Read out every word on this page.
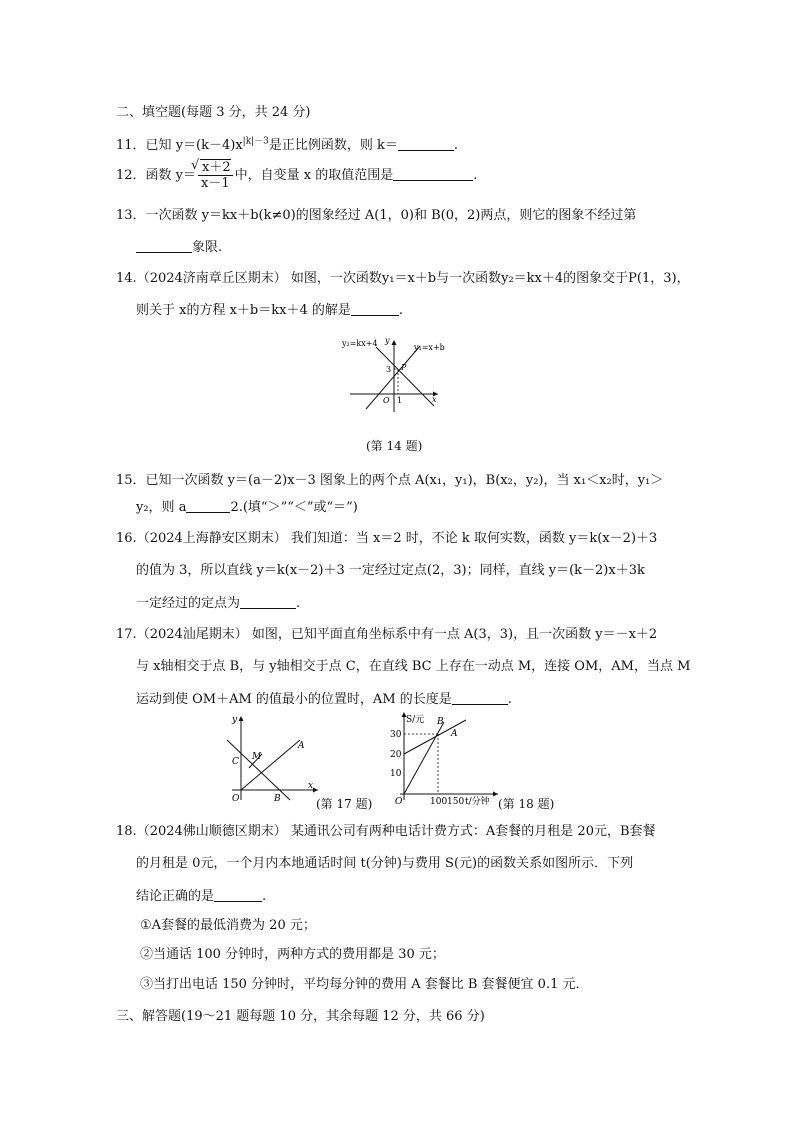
二、填空题(每题 3 分，共 24 分)
11．已知 $y=(k-4)x^{|k|-3}$是正比例函数，则 k＝	.
12．函数 y＝
√ $\frac{x+2}{x-1}$ 中，自变量 x 的取值范围是	.
13．一次函数 y＝kx＋b(k≠0)的图象经过 A(1，0)和 B(0，2)两点，则它的图象不经过第
象限.
14.（2024济南章丘区期末） 如图，一次函数y₁＝x＋b与一次函数y₂＝kx＋4的图象交于P(1，3)，
则关于 x的方程 x＋b＝kx＋4 的解是	.
y₂=kx+4 y
y₁=x+b
3 P
O 1	x
(第 14 题)
15．已知一次函数 y＝(a－2)x－3 图象上的两个点 A(x₁，y₁)，B(x₂，y₂)，当 x₁＜x₂时，y₁＞
y₂，则 a	2.(填“＞”“＜”或“＝”)
16.（2024上海静安区期末） 我们知道：当 x＝2 时，不论 k 取何实数，函数 y＝k(x－2)＋3
的值为 3，所以直线 y＝k(x－2)＋3 一定经过定点(2，3)；同样，直线 y＝(k－2)x＋3k
一定经过的定点为	.
17.（2024汕尾期末） 如图，已知平面直角坐标系中有一点 A(3，3)，且一次函数 y＝－x＋2
与 x轴相交于点 B，与 y轴相交于点 C，在直线 BC 上存在一动点 M，连接 OM，AM，当点 M
运动到使 OM＋AM 的值最小的位置时，AM 的长度是	.
y
A
C M
O	B
x
(第 17 题)
S/元 B
A
30
20
10
O	100 150 t/分钟 (第 18 题)
18.（2024佛山顺德区期末） 某通讯公司有两种电话计费方式：A套餐的月租是 20元，B套餐
的月租是 0元，一个月内本地通话时间 t(分钟)与费用 S(元)的函数关系如图所示．下列
结论正确的是	.
①A套餐的最低消费为 20 元；
②当通话 100 分钟时，两种方式的费用都是 30 元；
③当打出电话 150 分钟时，平均每分钟的费用 A 套餐比 B 套餐便宜 0.1 元．
三、解答题(19～21 题每题 10 分，其余每题 12 分，共 66 分)
